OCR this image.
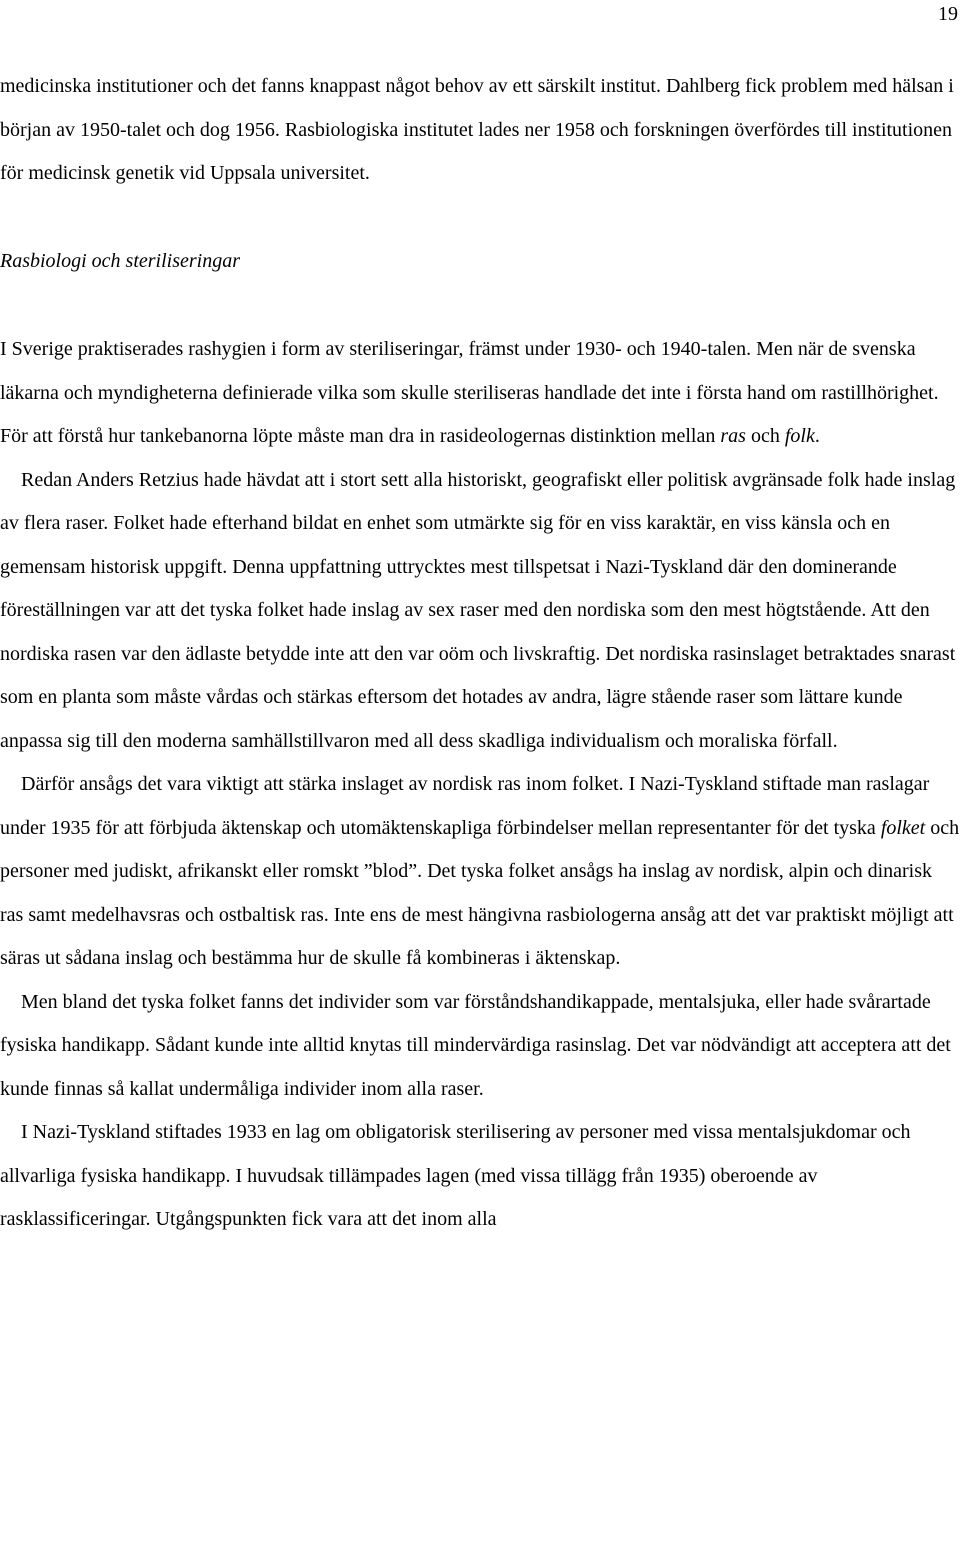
19

medicinska institutioner och det fanns knappast något behov av ett särskilt institut. Dahlberg fick problem med hälsan i början av 1950-talet och dog 1956. Rasbiologiska institutet lades ner 1958 och forskningen överfördes till institutionen för medicinsk genetik vid Uppsala universitet.

Rasbiologi och steriliseringar

I Sverige praktiserades rashygien i form av steriliseringar, främst under 1930- och 1940-talen. Men när de svenska läkarna och myndigheterna definierade vilka som skulle steriliseras handlade det inte i första hand om rastillhörighet. För att förstå hur tankebanorna löpte måste man dra in rasideologernas distinktion mellan ras och folk.

Redan Anders Retzius hade hävdat att i stort sett alla historiskt, geografiskt eller politisk avgränsade folk hade inslag av flera raser. Folket hade efterhand bildat en enhet som utmärkte sig för en viss karaktär, en viss känsla och en gemensam historisk uppgift. Denna uppfattning uttrycktes mest tillspetsat i Nazi-Tyskland där den dominerande föreställningen var att det tyska folket hade inslag av sex raser med den nordiska som den mest högtstående. Att den nordiska rasen var den ädlaste betydde inte att den var oöm och livskraftig. Det nordiska rasinslaget betraktades snarast som en planta som måste vårdas och stärkas eftersom det hotades av andra, lägre stående raser som lättare kunde anpassa sig till den moderna samhällstillvaron med all dess skadliga individualism och moraliska förfall.

Därför ansågs det vara viktigt att stärka inslaget av nordisk ras inom folket. I Nazi-Tyskland stiftade man raslagar under 1935 för att förbjuda äktenskap och utomäktenskapliga förbindelser mellan representanter för det tyska folket och personer med judiskt, afrikanskt eller romskt ”blod”. Det tyska folket ansågs ha inslag av nordisk, alpin och dinarisk ras samt medelhavsras och ostbaltisk ras. Inte ens de mest hängivna rasbiologerna ansåg att det var praktiskt möjligt att säras ut sådana inslag och bestämma hur de skulle få kombineras i äktenskap.

Men bland det tyska folket fanns det individer som var förståndshandikappade, mentalsjuka, eller hade svårartade fysiska handikapp. Sådant kunde inte alltid knytas till mindervärdiga rasinslag. Det var nödvändigt att acceptera att det kunde finnas så kallat undermåliga individer inom alla raser.

I Nazi-Tyskland stiftades 1933 en lag om obligatorisk sterilisering av personer med vissa mentalsjukdomar och allvarliga fysiska handikapp. I huvudsak tillämpades lagen (med vissa tillägg från 1935) oberoende av rasklassificeringar. Utgångspunkten fick vara att det inom alla
